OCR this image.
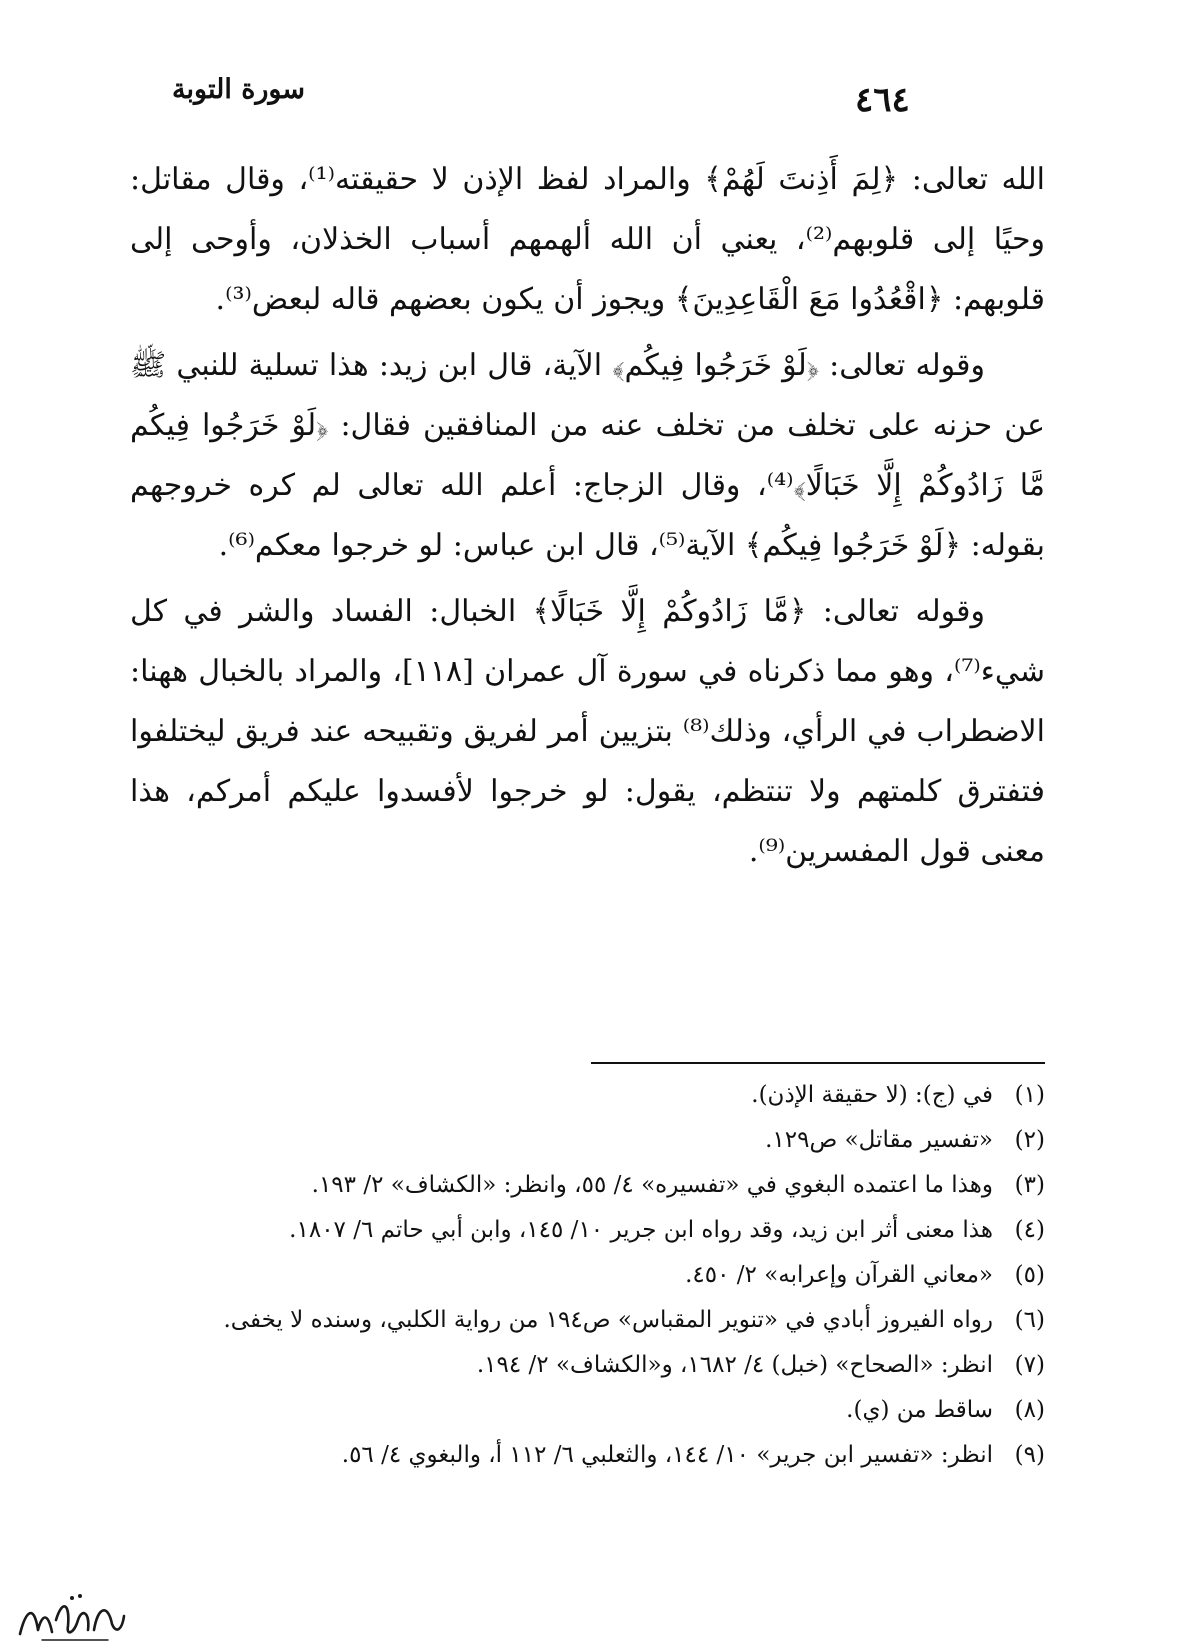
سورة التوبة	٤٦٤

الله تعالى: ﴿لِمَ أَذِنتَ لَهُمْ﴾ والمراد لفظ الإذن لا حقيقته⁽¹⁾، وقال مقاتل: وحيًا إلى قلوبهم⁽²⁾، يعني أن الله ألهمهم أسباب الخذلان، وأوحى إلى قلوبهم: ﴿اقْعُدُوا مَعَ الْقَاعِدِينَ﴾ ويجوز أن يكون بعضهم قاله لبعض⁽³⁾.

وقوله تعالى: ﴿لَوْ خَرَجُوا فِيكُم﴾ الآية، قال ابن زيد: هذا تسلية للنبي ﷺ عن حزنه على تخلف من تخلف عنه من المنافقين فقال: ﴿لَوْ خَرَجُوا فِيكُم مَّا زَادُوكُمْ إِلَّا خَبَالًا﴾⁽⁴⁾، وقال الزجاج: أعلم الله تعالى لم كره خروجهم بقوله: ﴿لَوْ خَرَجُوا فِيكُم﴾ الآية⁽⁵⁾، قال ابن عباس: لو خرجوا معكم⁽⁶⁾.

وقوله تعالى: ﴿مَّا زَادُوكُمْ إِلَّا خَبَالًا﴾ الخبال: الفساد والشر في كل شيء⁽⁷⁾، وهو مما ذكرناه في سورة آل عمران [١١٨]، والمراد بالخبال ههنا: الاضطراب في الرأي، وذلك⁽⁸⁾ بتزيين أمر لفريق وتقبيحه عند فريق ليختلفوا فتفترق كلمتهم ولا تنتظم، يقول: لو خرجوا لأفسدوا عليكم أمركم، هذا معنى قول المفسرين⁽⁹⁾.

(١)
في (ج): (لا حقيقة الإذن).
(٢)
«تفسير مقاتل» ص١٢٩.
(٣)
وهذا ما اعتمده البغوي في «تفسيره» ٤/ ٥٥، وانظر: «الكشاف» ٢/ ١٩٣.
(٤)
هذا معنى أثر ابن زيد، وقد رواه ابن جرير ١٠/ ١٤٥، وابن أبي حاتم ٦/ ١٨٠٧.
(٥)
«معاني القرآن وإعرابه» ٢/ ٤٥٠.
(٦)
رواه الفيروز أبادي في «تنوير المقباس» ص١٩٤ من رواية الكلبي، وسنده لا يخفى.
(٧)
انظر: «الصحاح» (خبل) ٤/ ١٦٨٢، و«الكشاف» ٢/ ١٩٤.
(٨)
ساقط من (ي).
(٩)
انظر: «تفسير ابن جرير» ١٠/ ١٤٤، والثعلبي ٦/ ١١٢ أ، والبغوي ٤/ ٥٦.
